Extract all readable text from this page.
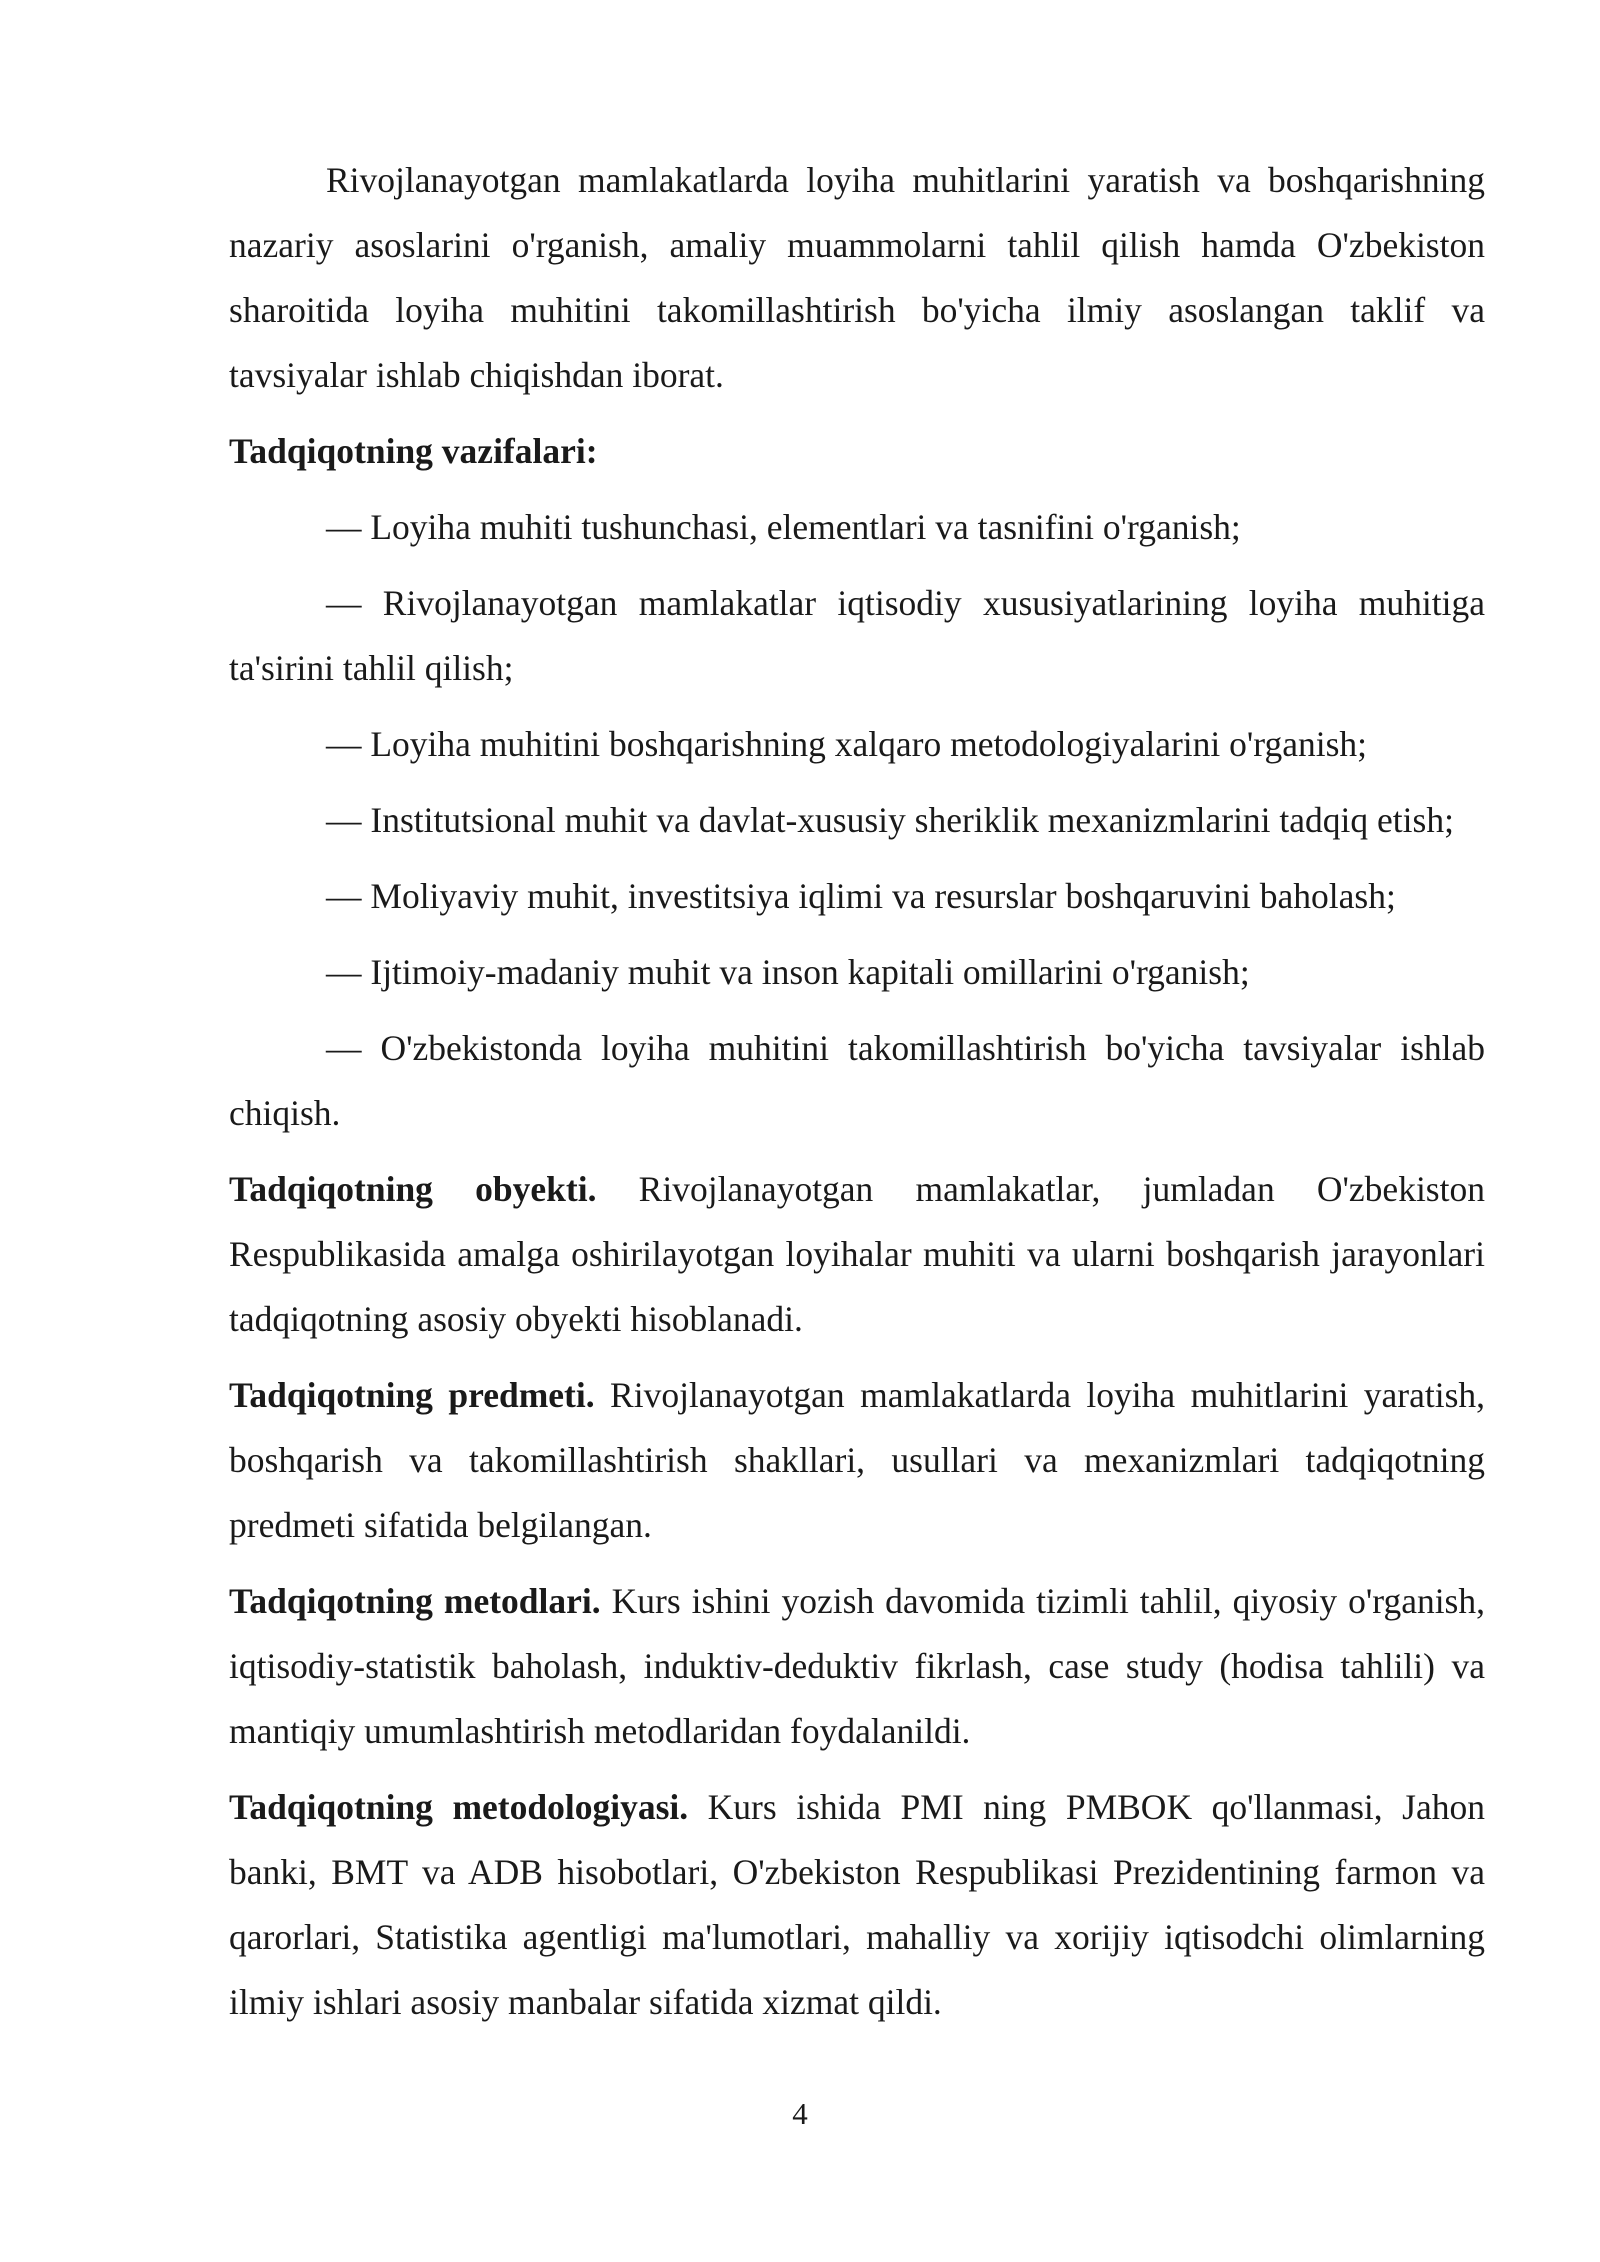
Rivojlanayotgan mamlakatlarda loyiha muhitlarini yaratish va boshqarishning nazariy asoslarini o'rganish, amaliy muammolarni tahlil qilish hamda O'zbekiston sharoitida loyiha muhitini takomillashtirish bo'yicha ilmiy asoslangan taklif va tavsiyalar ishlab chiqishdan iborat.

Tadqiqotning vazifalari:

— Loyiha muhiti tushunchasi, elementlari va tasnifini o'rganish;

— Rivojlanayotgan mamlakatlar iqtisodiy xususiyatlarining loyiha muhitiga ta'sirini tahlil qilish;

— Loyiha muhitini boshqarishning xalqaro metodologiyalarini o'rganish;

— Institutsional muhit va davlat-xususiy sheriklik mexanizmlarini tadqiq etish;

— Moliyaviy muhit, investitsiya iqlimi va resurslar boshqaruvini baholash;

— Ijtimoiy-madaniy muhit va inson kapitali omillarini o'rganish;

— O'zbekistonda loyiha muhitini takomillashtirish bo'yicha tavsiyalar ishlab chiqish.

Tadqiqotning obyekti. Rivojlanayotgan mamlakatlar, jumladan O'zbekiston Respublikasida amalga oshirilayotgan loyihalar muhiti va ularni boshqarish jarayonlari tadqiqotning asosiy obyekti hisoblanadi.

Tadqiqotning predmeti. Rivojlanayotgan mamlakatlarda loyiha muhitlarini yaratish, boshqarish va takomillashtirish shakllari, usullari va mexanizmlari tadqiqotning predmeti sifatida belgilangan.

Tadqiqotning metodlari. Kurs ishini yozish davomida tizimli tahlil, qiyosiy o'rganish, iqtisodiy-statistik baholash, induktiv-deduktiv fikrlash, case study (hodisa tahlili) va mantiqiy umumlashtirish metodlaridan foydalanildi.

Tadqiqotning metodologiyasi. Kurs ishida PMI ning PMBOK qo'llanmasi, Jahon banki, BMT va ADB hisobotlari, O'zbekiston Respublikasi Prezidentining farmon va qarorlari, Statistika agentligi ma'lumotlari, mahalliy va xorijiy iqtisodchi olimlarning ilmiy ishlari asosiy manbalar sifatida xizmat qildi.

4
